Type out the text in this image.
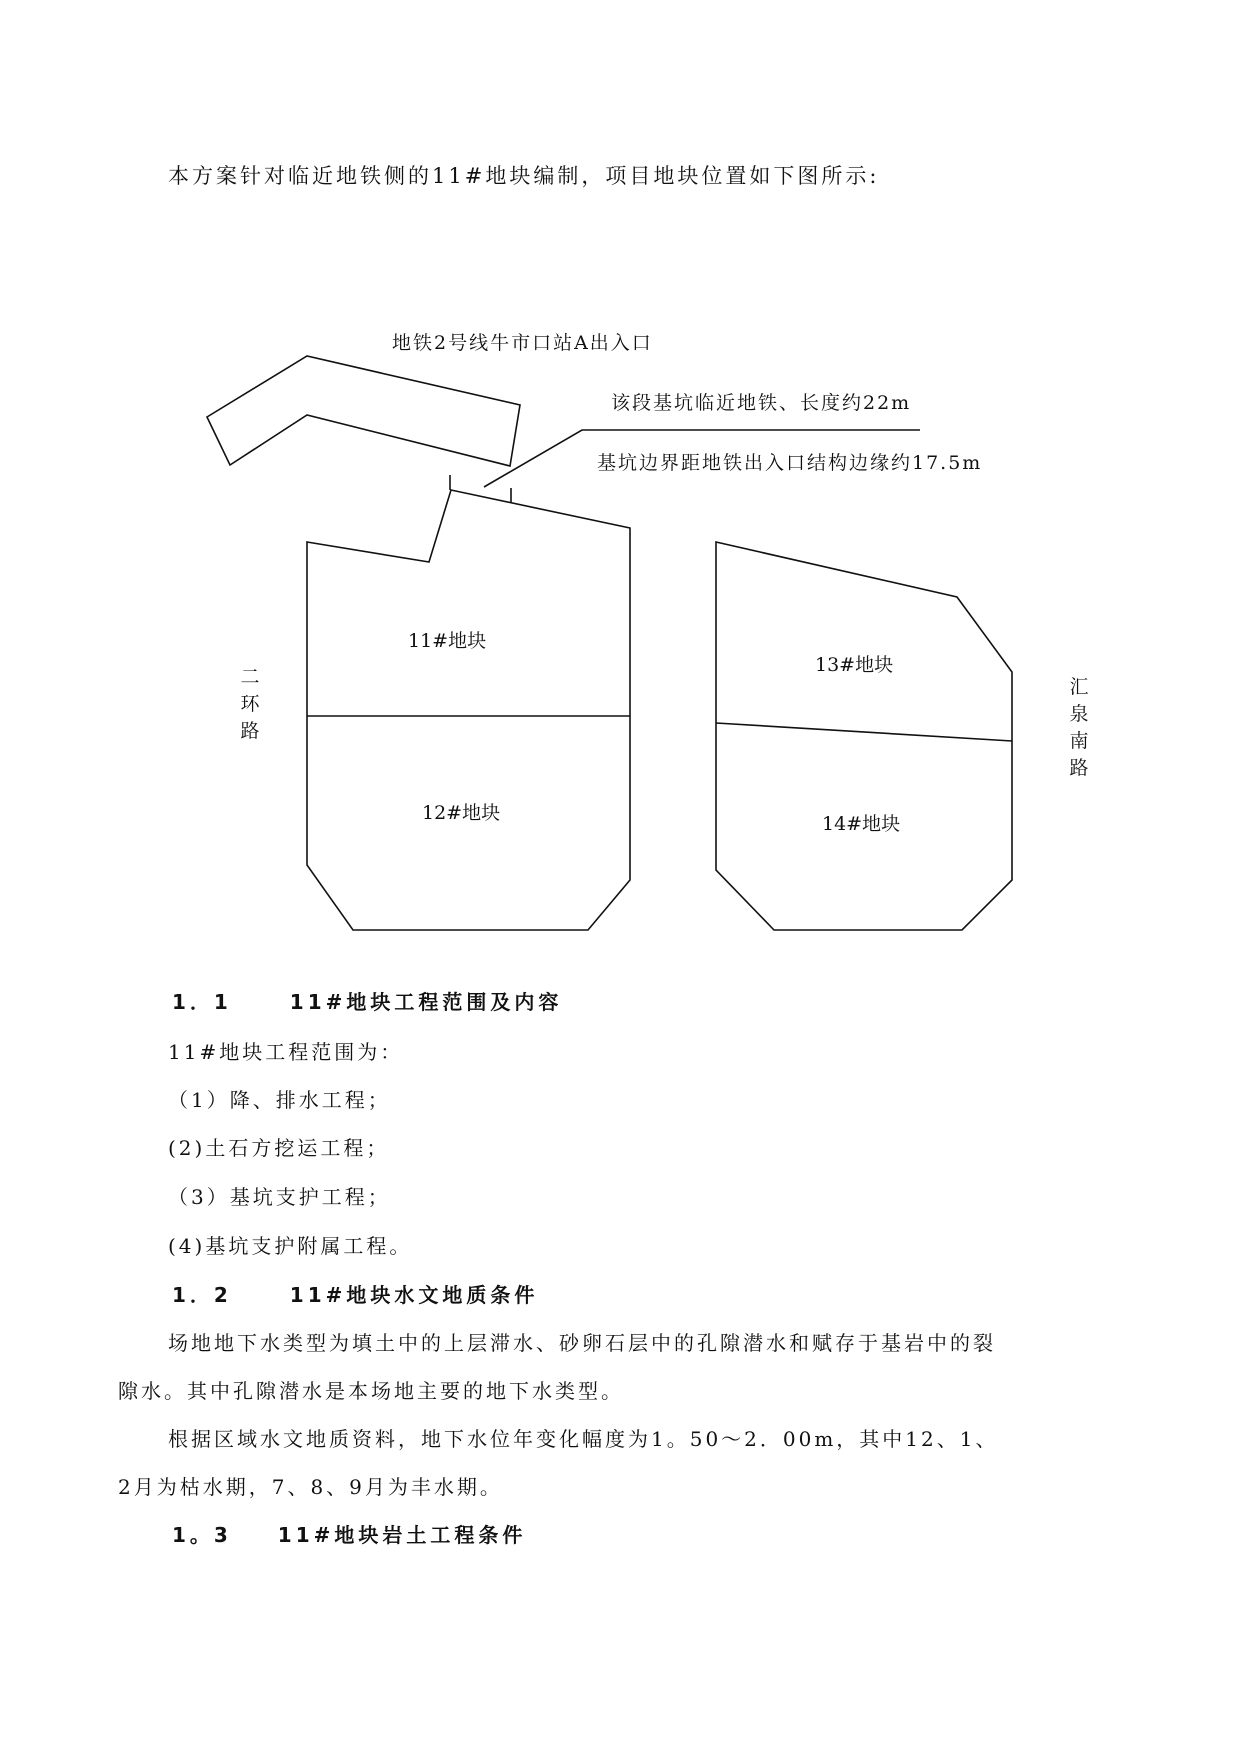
本方案针对临近地铁侧的11#地块编制，项目地块位置如下图所示:
地铁2号线牛市口站A出入口
该段基坑临近地铁、长度约22m
基坑边界距地铁出入口结构边缘约17.5m
11#地块
12#地块
13#地块
14#地块
二
环
路
汇
泉
南
路
1．1	11#地块工程范围及内容
11#地块工程范围为：
（1）降、排水工程；
(2)土石方挖运工程；
（3）基坑支护工程；
(4)基坑支护附属工程。
1．2	11#地块水文地质条件
场地地下水类型为填土中的上层滞水、砂卵石层中的孔隙潜水和赋存于基岩中的裂
隙水。其中孔隙潜水是本场地主要的地下水类型。
根据区域水文地质资料，地下水位年变化幅度为1。50～2．00m，其中12、1、
2月为枯水期，7、8、9月为丰水期。
1。3 11#地块岩土工程条件
